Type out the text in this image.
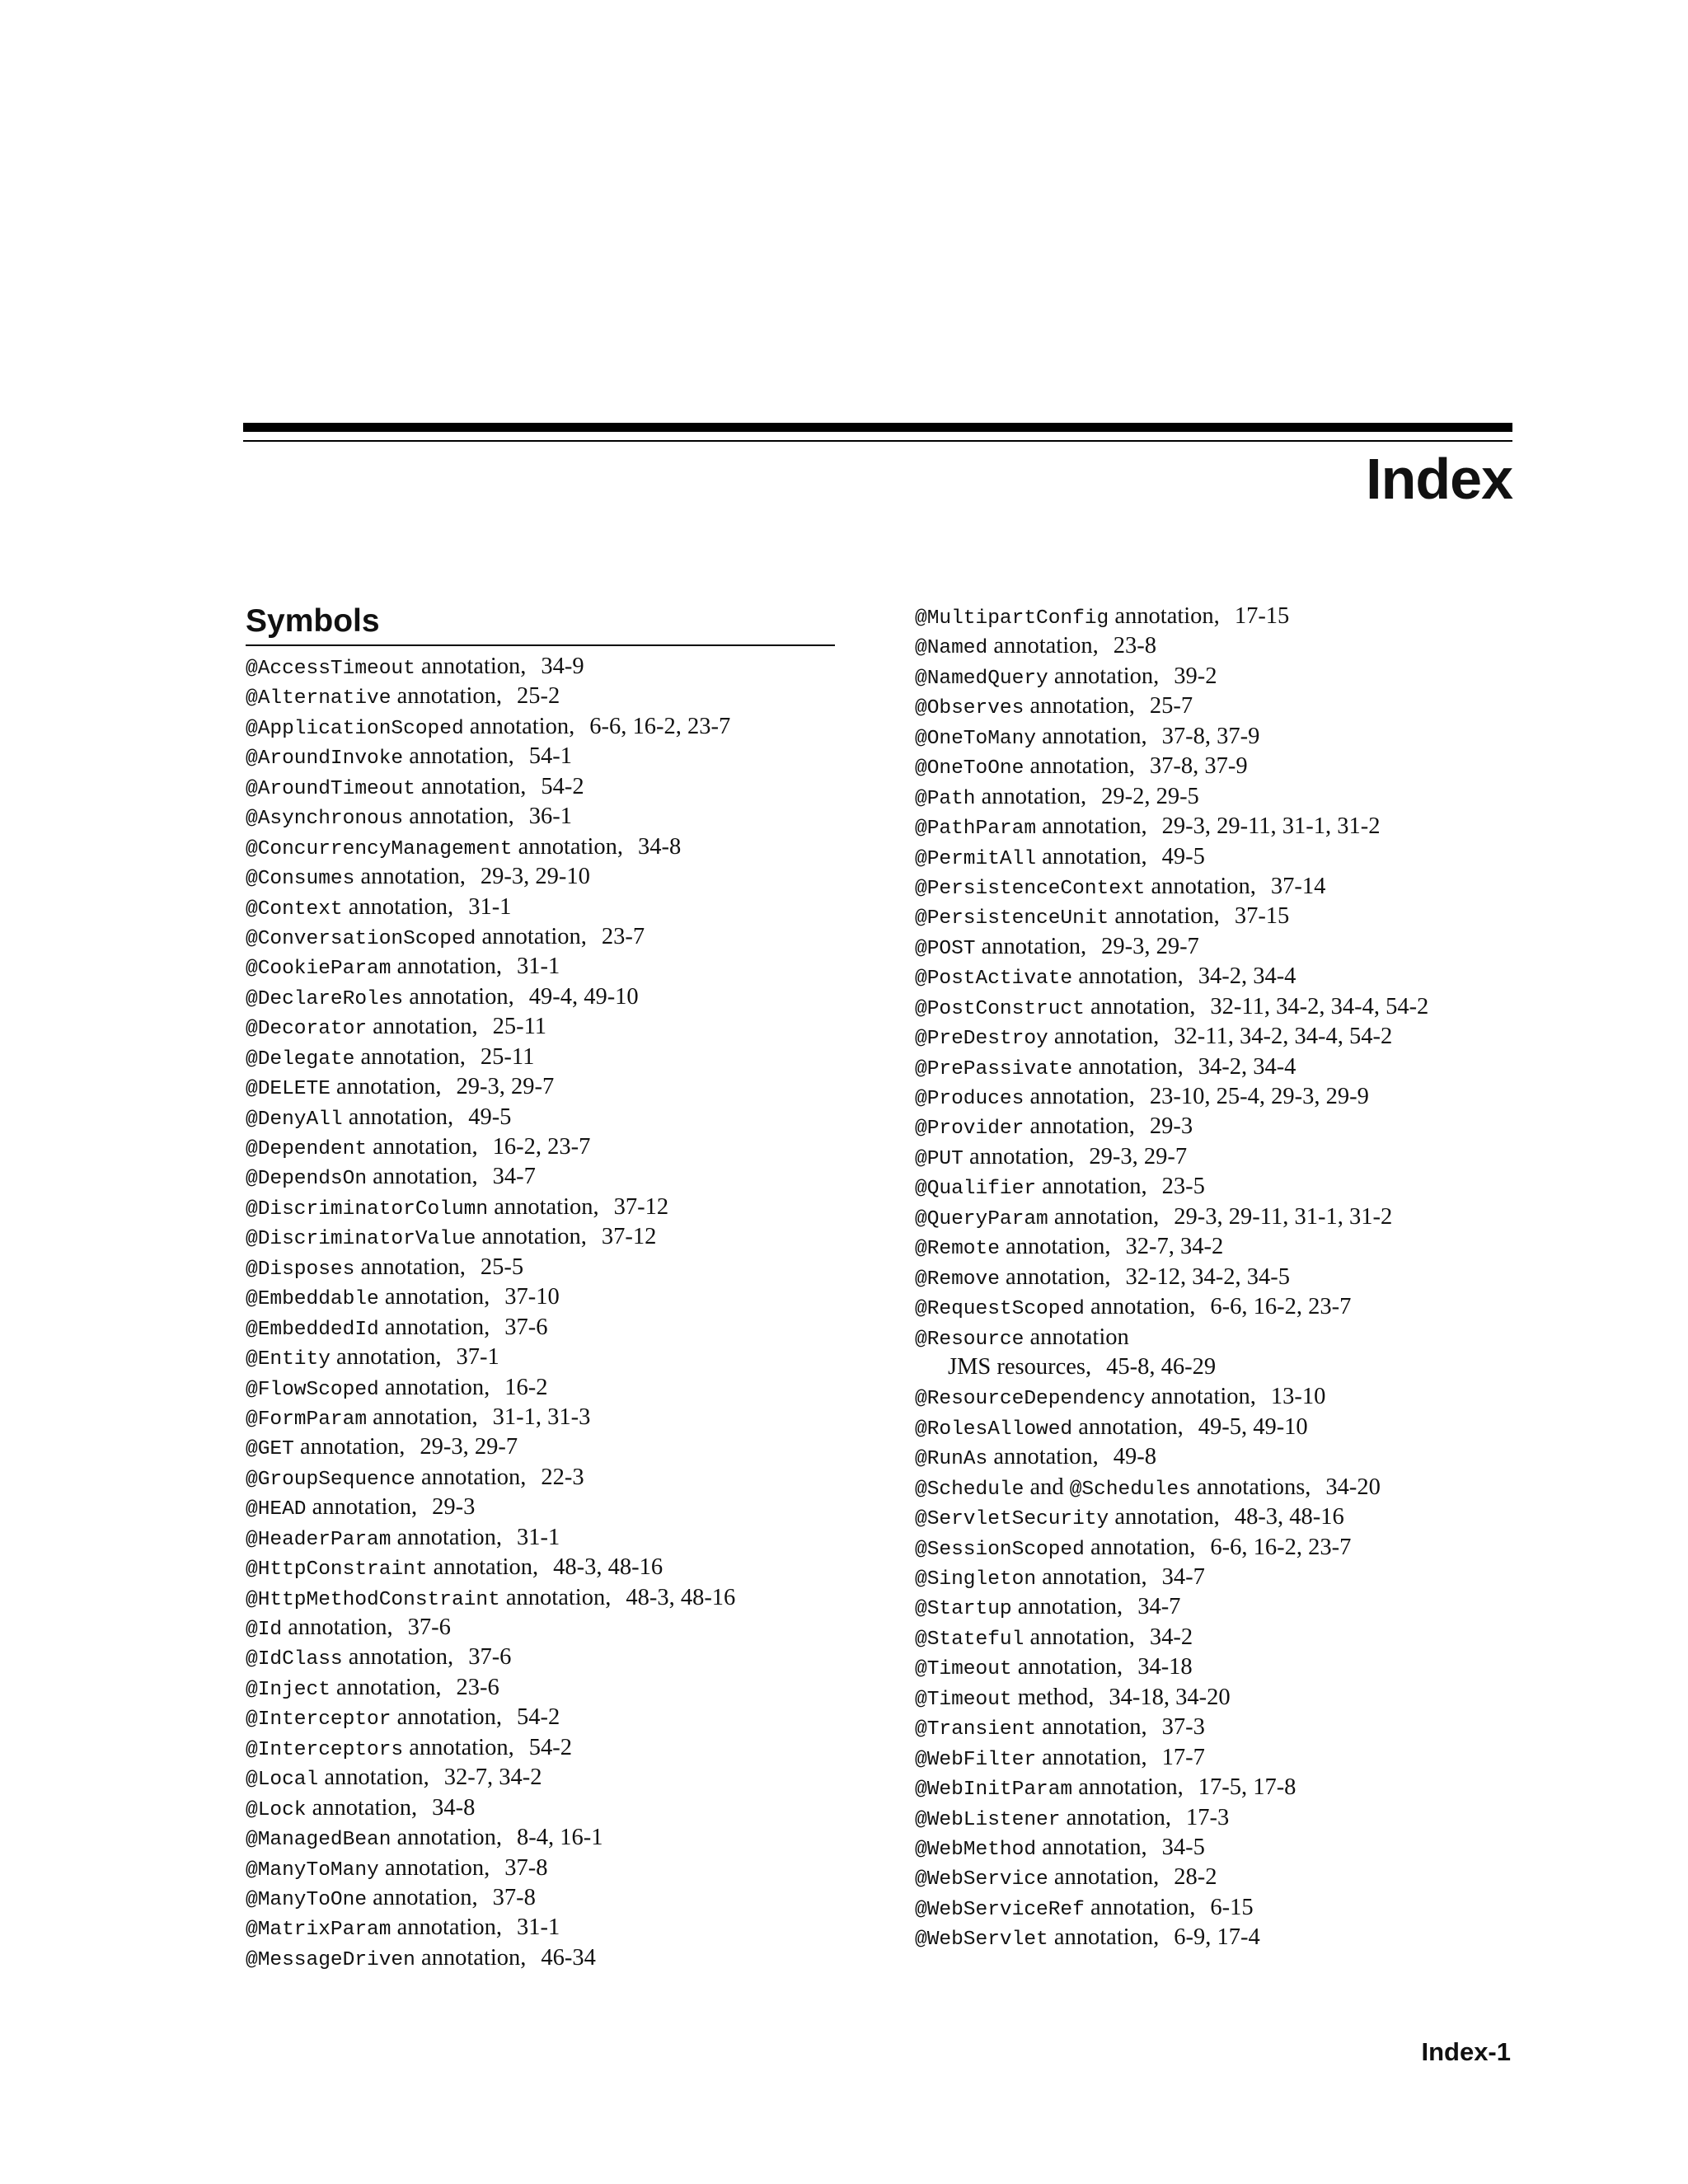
Index
Symbols
@AccessTimeout annotation, 34-9
@Alternative annotation, 25-2
@ApplicationScoped annotation, 6-6, 16-2, 23-7
@AroundInvoke annotation, 54-1
@AroundTimeout annotation, 54-2
@Asynchronous annotation, 36-1
@ConcurrencyManagement annotation, 34-8
@Consumes annotation, 29-3, 29-10
@Context annotation, 31-1
@ConversationScoped annotation, 23-7
@CookieParam annotation, 31-1
@DeclareRoles annotation, 49-4, 49-10
@Decorator annotation, 25-11
@Delegate annotation, 25-11
@DELETE annotation, 29-3, 29-7
@DenyAll annotation, 49-5
@Dependent annotation, 16-2, 23-7
@DependsOn annotation, 34-7
@DiscriminatorColumn annotation, 37-12
@DiscriminatorValue annotation, 37-12
@Disposes annotation, 25-5
@Embeddable annotation, 37-10
@EmbeddedId annotation, 37-6
@Entity annotation, 37-1
@FlowScoped annotation, 16-2
@FormParam annotation, 31-1, 31-3
@GET annotation, 29-3, 29-7
@GroupSequence annotation, 22-3
@HEAD annotation, 29-3
@HeaderParam annotation, 31-1
@HttpConstraint annotation, 48-3, 48-16
@HttpMethodConstraint annotation, 48-3, 48-16
@Id annotation, 37-6
@IdClass annotation, 37-6
@Inject annotation, 23-6
@Interceptor annotation, 54-2
@Interceptors annotation, 54-2
@Local annotation, 32-7, 34-2
@Lock annotation, 34-8
@ManagedBean annotation, 8-4, 16-1
@ManyToMany annotation, 37-8
@ManyToOne annotation, 37-8
@MatrixParam annotation, 31-1
@MessageDriven annotation, 46-34
@MultipartConfig annotation, 17-15
@Named annotation, 23-8
@NamedQuery annotation, 39-2
@Observes annotation, 25-7
@OneToMany annotation, 37-8, 37-9
@OneToOne annotation, 37-8, 37-9
@Path annotation, 29-2, 29-5
@PathParam annotation, 29-3, 29-11, 31-1, 31-2
@PermitAll annotation, 49-5
@PersistenceContext annotation, 37-14
@PersistenceUnit annotation, 37-15
@POST annotation, 29-3, 29-7
@PostActivate annotation, 34-2, 34-4
@PostConstruct annotation, 32-11, 34-2, 34-4, 54-2
@PreDestroy annotation, 32-11, 34-2, 34-4, 54-2
@PrePassivate annotation, 34-2, 34-4
@Produces annotation, 23-10, 25-4, 29-3, 29-9
@Provider annotation, 29-3
@PUT annotation, 29-3, 29-7
@Qualifier annotation, 23-5
@QueryParam annotation, 29-3, 29-11, 31-1, 31-2
@Remote annotation, 32-7, 34-2
@Remove annotation, 32-12, 34-2, 34-5
@RequestScoped annotation, 6-6, 16-2, 23-7
@Resource annotation
JMS resources, 45-8, 46-29
@ResourceDependency annotation, 13-10
@RolesAllowed annotation, 49-5, 49-10
@RunAs annotation, 49-8
@Schedule and @Schedules annotations, 34-20
@ServletSecurity annotation, 48-3, 48-16
@SessionScoped annotation, 6-6, 16-2, 23-7
@Singleton annotation, 34-7
@Startup annotation, 34-7
@Stateful annotation, 34-2
@Timeout annotation, 34-18
@Timeout method, 34-18, 34-20
@Transient annotation, 37-3
@WebFilter annotation, 17-7
@WebInitParam annotation, 17-5, 17-8
@WebListener annotation, 17-3
@WebMethod annotation, 34-5
@WebService annotation, 28-2
@WebServiceRef annotation, 6-15
@WebServlet annotation, 6-9, 17-4

Index-1
